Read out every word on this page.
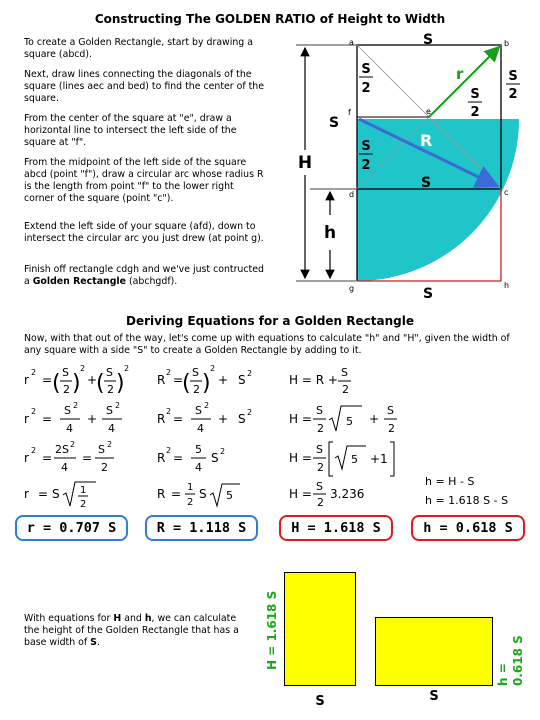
Constructing The GOLDEN RATIO of Height to Width

To create a Golden Rectangle, start by drawing a square (abcd).

Next, draw lines connecting the diagonals of the square (lines aec and bed) to find the center of the square.

From the center of the square at "e", draw a horizontal line to intersect the left side of the square at "f".

From the midpoint of the left side of the square abcd (point "f"), draw a circular arc whose radius R is the length from point "f" to the lower right corner of the square (point "c").

Extend the left side of your square (afd), down to intersect the circular arc you just drew (at point g).

Finish off rectangle cdgh and we've just contructed a Golden Rectangle (abchgdf).

a	b
c
d
e
f
g	h
S
S
S
S
S
2
S
2
S
2
S
2
r
R
H
h
Deriving Equations for a Golden Rectangle

Now, with that out of the way, let's come up with equations to calculate "h" and "H", given the width of any square with a side "S" to create a Golden Rectangle by adding to it.

r
2
= ( S
2 )
2
+
( S
2 )
2
r
2
=
S 2
4
+
S 2
4
r
2
=
2S 2
4
=
S 2
2
r = S 1
2
R
2
=
( S
2 )
2
+ S 2
R
2
=
S 2
4
+ S 2
R
2
=
5
4
S 2
R = 1
2
S 5
H = R +
S
2
H =
S
2
5 +
S
2
H =
S
2
5 +1
H =
S
2
3.236
h = H - S
h = 1.618 S - S
r = 0.707 S	R = 1.118 S	H = 1.618 S	h = 0.618 S

With equations for H and h, we can calculate the height of the Golden Rectangle that has a base width of S.	H = 1.618 S
h = 0.618 S
S	S
